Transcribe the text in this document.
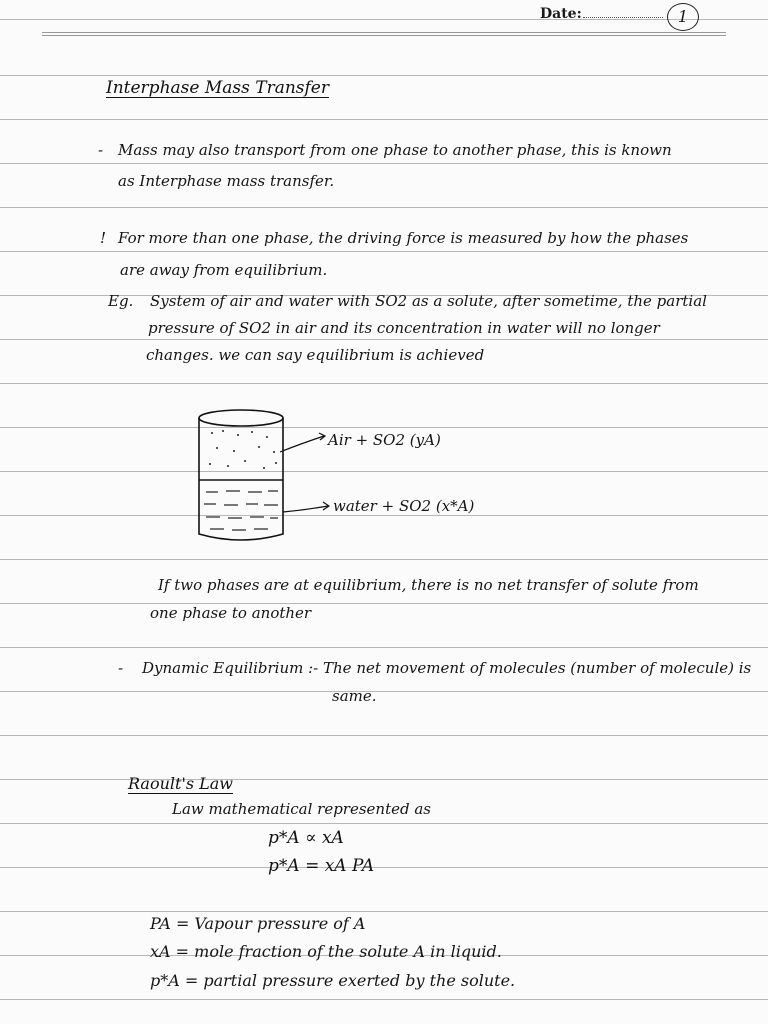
Date:	1
Interphase Mass Transfer
- Mass may also transport from one phase to another phase, this is known
as Interphase mass transfer.
! For more than one phase, the driving force is measured by how the phases
are away from equilibrium.
Eg. System of air and water with SO2 as a solute, after sometime, the partial
pressure of SO2 in air and its concentration in water will no longer
changes. we can say equilibrium is achieved
Air + SO2 (yA)
water + SO2 (x*A)
If two phases are at equilibrium, there is no net transfer of solute from
one phase to another
- Dynamic Equilibrium :- The net movement of molecules (number of molecule) is
same.
Raoult's Law
Law mathematical represented as
p*A ∝ xA
p*A = xA PA
PA = Vapour pressure of A
xA = mole fraction of the solute A in liquid.
p*A = partial pressure exerted by the solute.
